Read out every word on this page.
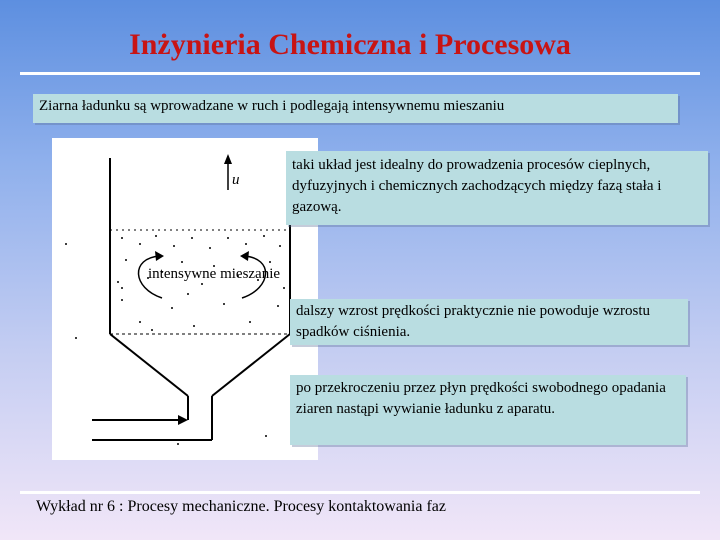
Inżynieria Chemiczna i Procesowa
Ziarna ładunku są wprowadzane w ruch i podlegają intensywnemu mieszaniu
u
intensywne mieszanie
taki układ jest idealny do prowadzenia procesów cieplnych, dyfuzyjnych i chemicznych zachodzących między fazą stała i gazową.
dalszy wzrost prędkości praktycznie nie powoduje wzrostu spadków ciśnienia.
po przekroczeniu przez płyn prędkości swobodnego opadania ziaren nastąpi wywianie ładunku z aparatu.
Wykład nr 6 : Procesy mechaniczne. Procesy kontaktowania faz
